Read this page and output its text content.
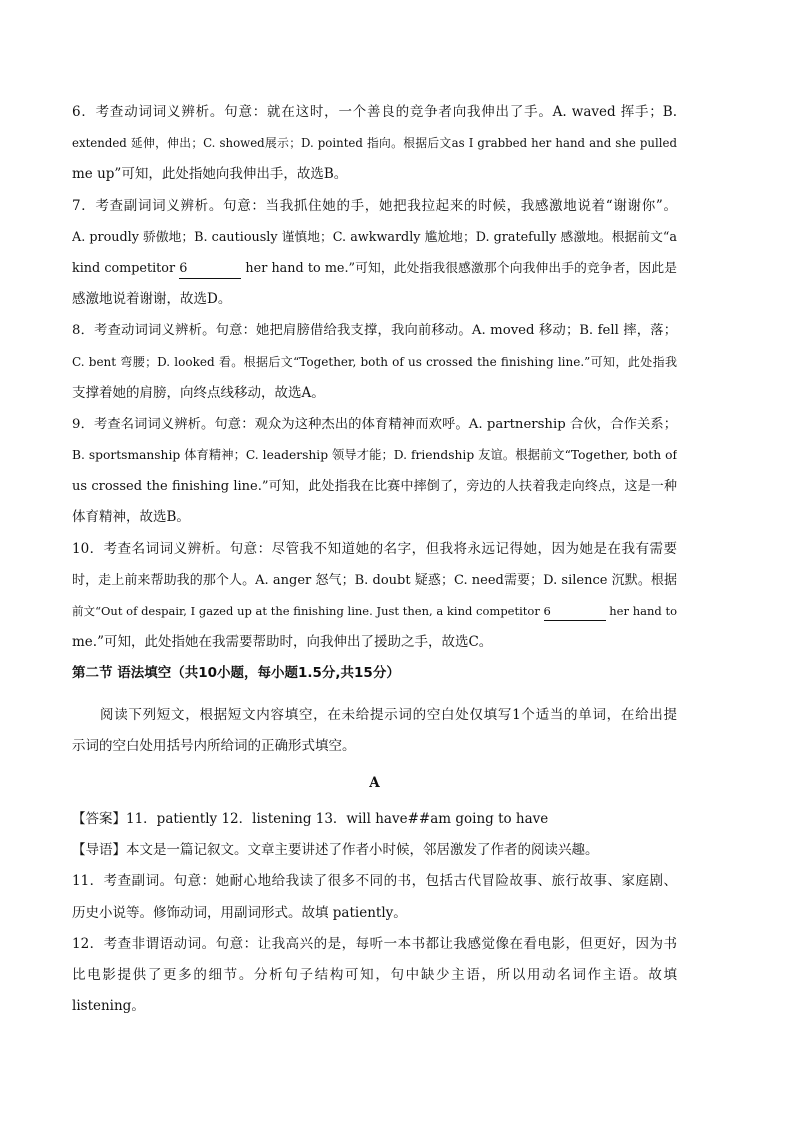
6．考查动词词义辨析。句意：就在这时，一个善良的竞争者向我伸出了手。A. waved 挥手；B.

extended 延伸，伸出；C. showed展示；D. pointed 指向。根据后文as I grabbed her hand and she pulled

me up”可知，此处指她向我伸出手，故选B。

7．考查副词词义辨析。句意：当我抓住她的手，她把我拉起来的时候，我感激地说着“谢谢你”。

A. proudly 骄傲地；B. cautiously 谨慎地；C. awkwardly 尴尬地；D. gratefully 感激地。根据前文“a

kind competitor 6	her hand to me.”可知，此处指我很感激那个向我伸出手的竞争者，因此是

感激地说着谢谢，故选D。

8．考查动词词义辨析。句意：她把肩膀借给我支撑，我向前移动。A. moved 移动；B. fell 摔，落；

C. bent 弯腰；D. looked 看。根据后文“Together, both of us crossed the finishing line.”可知，此处指我

支撑着她的肩膀，向终点线移动，故选A。

9．考查名词词义辨析。句意：观众为这种杰出的体育精神而欢呼。A. partnership 合伙，合作关系；

B. sportsmanship 体育精神；C. leadership 领导才能；D. friendship 友谊。根据前文“Together, both of

us crossed the finishing line.”可知，此处指我在比赛中摔倒了，旁边的人扶着我走向终点，这是一种

体育精神，故选B。

10．考查名词词义辨析。句意：尽管我不知道她的名字，但我将永远记得她，因为她是在我有需要

时，走上前来帮助我的那个人。A. anger 怒气；B. doubt 疑惑；C. need需要；D. silence 沉默。根据

前文“Out of despair, I gazed up at the finishing line. Just then, a kind competitor 6	her hand to

me.”可知，此处指她在我需要帮助时，向我伸出了援助之手，故选C。

第二节 语法填空（共10小题，每小题1.5分,共15分）

阅读下列短文，根据短文内容填空，在未给提示词的空白处仅填写1个适当的单词，在给出提

示词的空白处用括号内所给词的正确形式填空。

A

【答案】11．patiently 12．listening 13．will have##am going to have

【导语】本文是一篇记叙文。文章主要讲述了作者小时候，邻居激发了作者的阅读兴趣。

11．考查副词。句意：她耐心地给我读了很多不同的书，包括古代冒险故事、旅行故事、家庭剧、

历史小说等。修饰动词，用副词形式。故填 patiently。

12．考查非谓语动词。句意：让我高兴的是，每听一本书都让我感觉像在看电影，但更好，因为书

比电影提供了更多的细节。分析句子结构可知，句中缺少主语，所以用动名词作主语。故填

listening。
